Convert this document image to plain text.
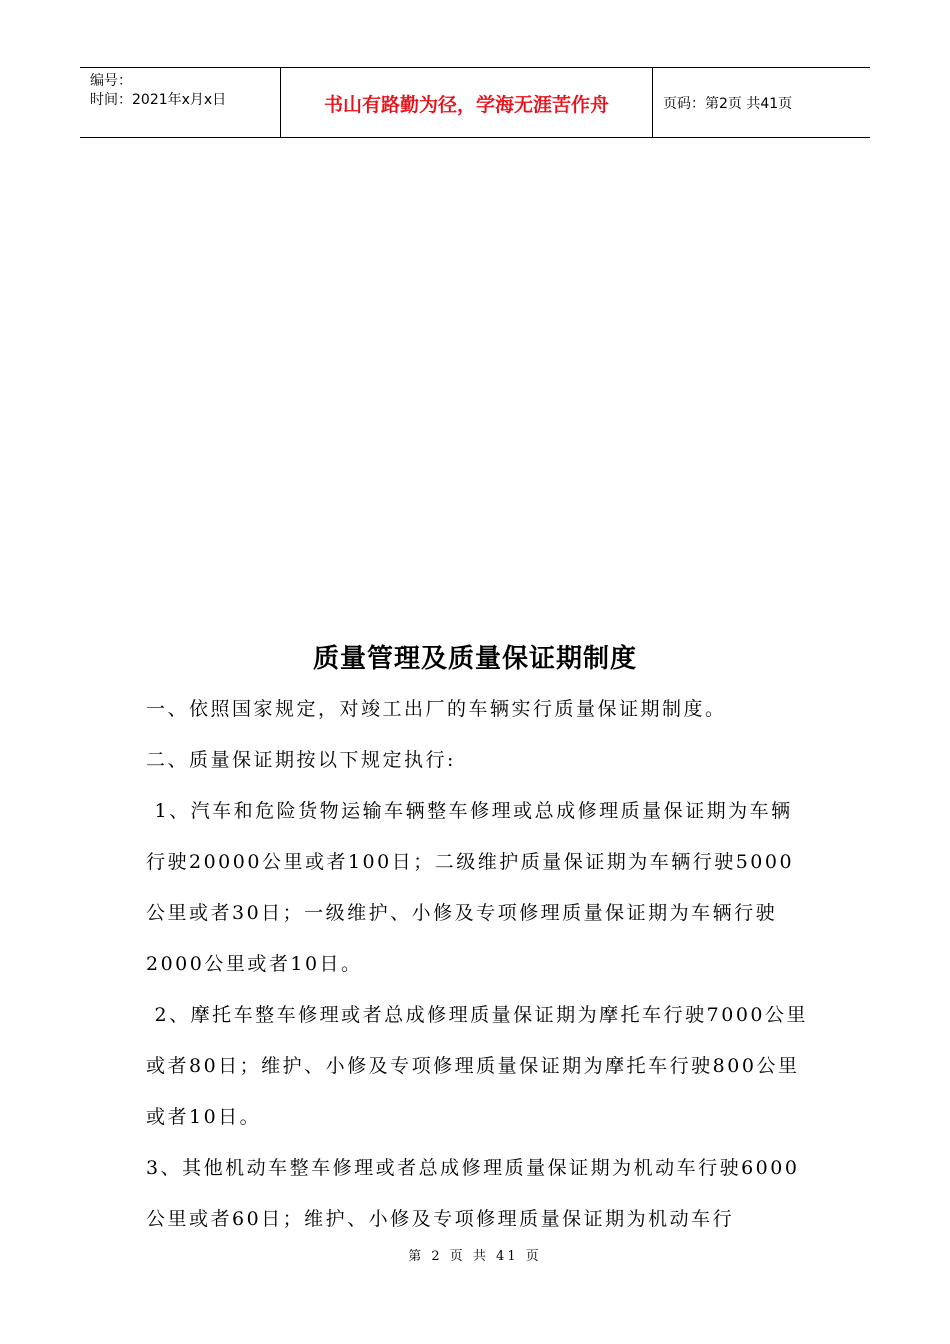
编号：
时间：2021年x月x日	书山有路勤为径，学海无涯苦作舟	页码：第2页 共41页
质量管理及质量保证期制度

一、依照国家规定，对竣工出厂的车辆实行质量保证期制度。

二、质量保证期按以下规定执行:

1、汽车和危险货物运输车辆整车修理或总成修理质量保证期为车辆行驶20000公里或者100日；二级维护质量保证期为车辆行驶5000公里或者30日；一级维护、小修及专项修理质量保证期为车辆行驶2000公里或者10日。

2、摩托车整车修理或者总成修理质量保证期为摩托车行驶7000公里或者80日；维护、小修及专项修理质量保证期为摩托车行驶800公里或者10日。

3、其他机动车整车修理或者总成修理质量保证期为机动车行驶6000公里或者60日；维护、小修及专项修理质量保证期为机动车行

第 2 页 共 41 页
